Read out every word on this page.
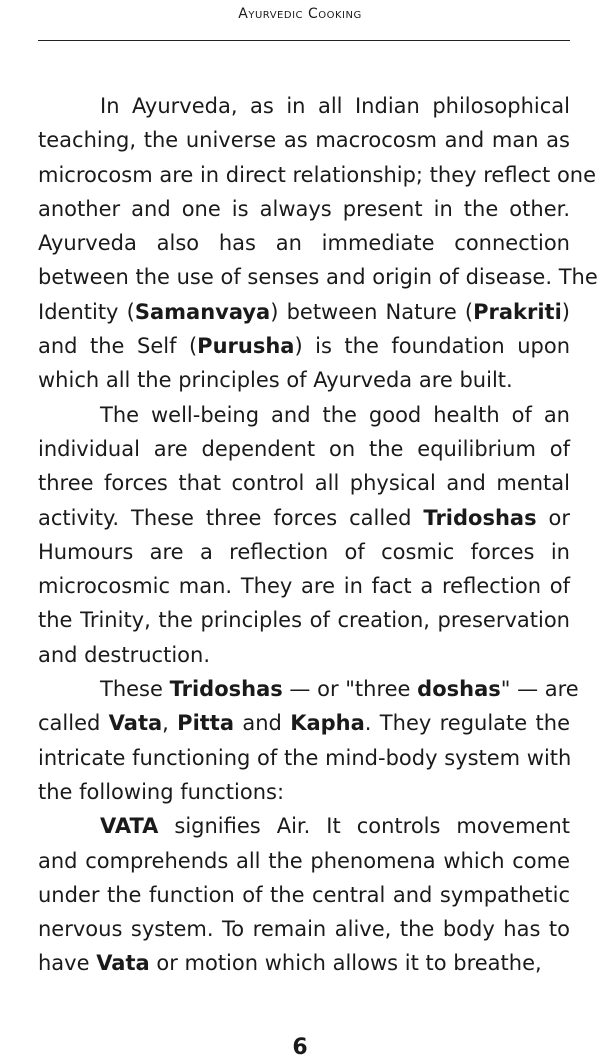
Ayurvedic Cooking
In Ayurveda, as in all Indian philosophical
teaching, the universe as macrocosm and man as
microcosm are in direct relationship; they reflect one
another and one is always present in the other.
Ayurveda also has an immediate connection
between the use of senses and origin of disease. The
Identity (Samanvaya) between Nature (Prakriti)
and the Self (Purusha) is the foundation upon
which all the principles of Ayurveda are built.
The well-being and the good health of an
individual are dependent on the equilibrium of
three forces that control all physical and mental
activity. These three forces called Tridoshas or
Humours are a reflection of cosmic forces in
microcosmic man. They are in fact a reflection of
the Trinity, the principles of creation, preservation
and destruction.
These Tridoshas — or "three doshas" — are
called Vata, Pitta and Kapha. They regulate the
intricate functioning of the mind-body system with
the following functions:
VATA signifies Air. It controls movement
and comprehends all the phenomena which come
under the function of the central and sympathetic
nervous system. To remain alive, the body has to
have Vata or motion which allows it to breathe,
6
